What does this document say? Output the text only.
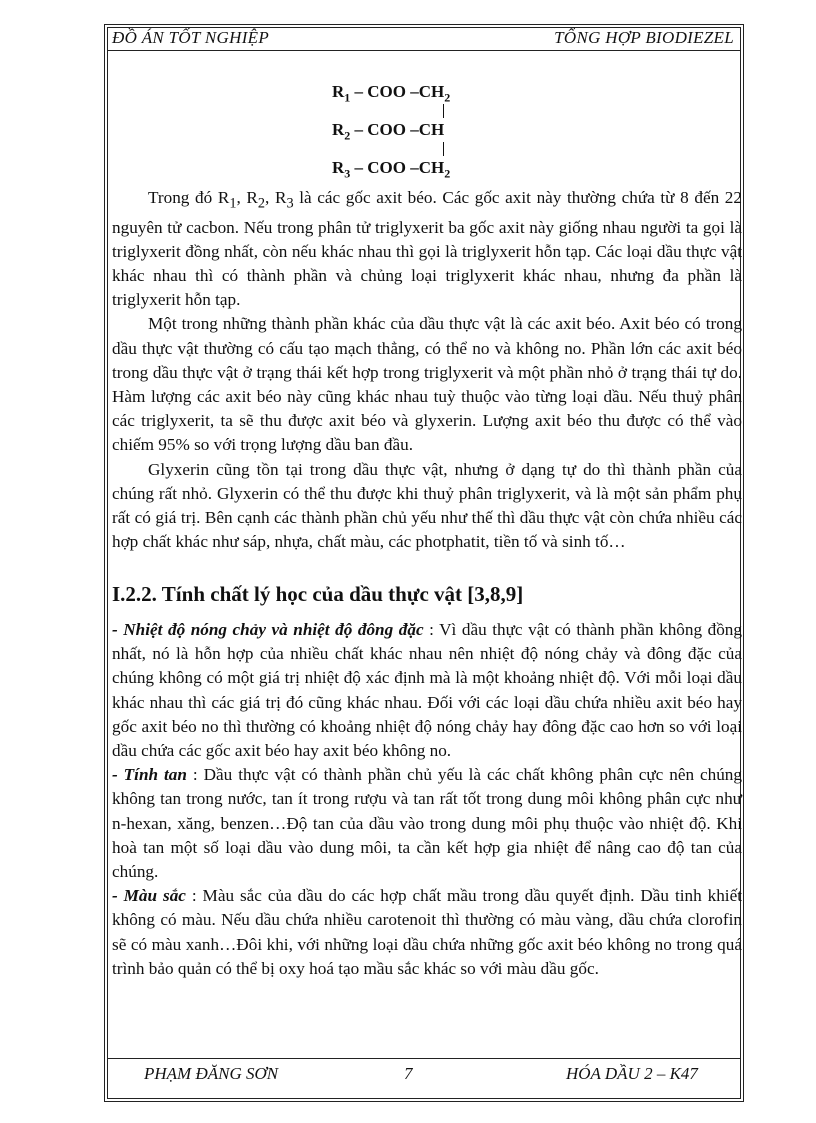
ĐỒ ÁN TỐT NGHIỆP	TỔNG HỢP BIODIEZEL
$R_1$ – COO $-CH_2$
$R_2$ – COO –CH
$R_3$ – COO $-CH_2$

Trong đó $R_1$, $R_2$, $R_3$ là các gốc axit béo. Các gốc axit này thường chứa từ 8 đến 22 nguyên tử cacbon. Nếu trong phân tử triglyxerit ba gốc axit này giống nhau người ta gọi là triglyxerit đồng nhất, còn nếu khác nhau thì gọi là triglyxerit hỗn tạp. Các loại dầu thực vật khác nhau thì có thành phần và chủng loại triglyxerit khác nhau, nhưng đa phần là triglyxerit hỗn tạp.

Một trong những thành phần khác của dầu thực vật là các axit béo. Axit béo có trong dầu thực vật thường có cấu tạo mạch thẳng, có thể no và không no. Phần lớn các axit béo trong dầu thực vật ở trạng thái kết hợp trong triglyxerit và một phần nhỏ ở trạng thái tự do. Hàm lượng các axit béo này cũng khác nhau tuỳ thuộc vào từng loại dầu. Nếu thuỷ phân các triglyxerit, ta sẽ thu được axit béo và glyxerin. Lượng axit béo thu được có thể vào chiếm 95% so với trọng lượng dầu ban đầu.

Glyxerin cũng tồn tại trong dầu thực vật, nhưng ở dạng tự do thì thành phần của chúng rất nhỏ. Glyxerin có thể thu được khi thuỷ phân triglyxerit, và là một sản phẩm phụ rất có giá trị. Bên cạnh các thành phần chủ yếu như thế thì dầu thực vật còn chứa nhiều các hợp chất khác như sáp, nhựa, chất màu, các photphatit, tiền tố và sinh tố…

I.2.2. Tính chất lý học của dầu thực vật [3,8,9]

- Nhiệt độ nóng chảy và nhiệt độ đông đặc : Vì dầu thực vật có thành phần không đồng nhất, nó là hỗn hợp của nhiều chất khác nhau nên nhiệt độ nóng chảy và đông đặc của chúng không có một giá trị nhiệt độ xác định mà là một khoảng nhiệt độ. Với mỗi loại dầu khác nhau thì các giá trị đó cũng khác nhau. Đối với các loại dầu chứa nhiều axit béo hay gốc axit béo no thì thường có khoảng nhiệt độ nóng chảy hay đông đặc cao hơn so với loại dầu chứa các gốc axit béo hay axit béo không no.

- Tính tan : Dầu thực vật có thành phần chủ yếu là các chất không phân cực nên chúng không tan trong nước, tan ít trong rượu và tan rất tốt trong dung môi không phân cực như n-hexan, xăng, benzen…Độ tan của dầu vào trong dung môi phụ thuộc vào nhiệt độ. Khi hoà tan một số loại dầu vào dung môi, ta cần kết hợp gia nhiệt để nâng cao độ tan của chúng.

- Màu sắc : Màu sắc của dầu do các hợp chất mầu trong dầu quyết định. Dầu tinh khiết không có màu. Nếu dầu chứa nhiều carotenoit thì thường có màu vàng, dầu chứa clorofin sẽ có màu xanh…Đôi khi, với những loại dầu chứa những gốc axit béo không no trong quá trình bảo quản có thể bị oxy hoá tạo mầu sắc khác so với màu dầu gốc.

PHẠM ĐĂNG SƠN	7	HÓA DẦU 2 – K47
